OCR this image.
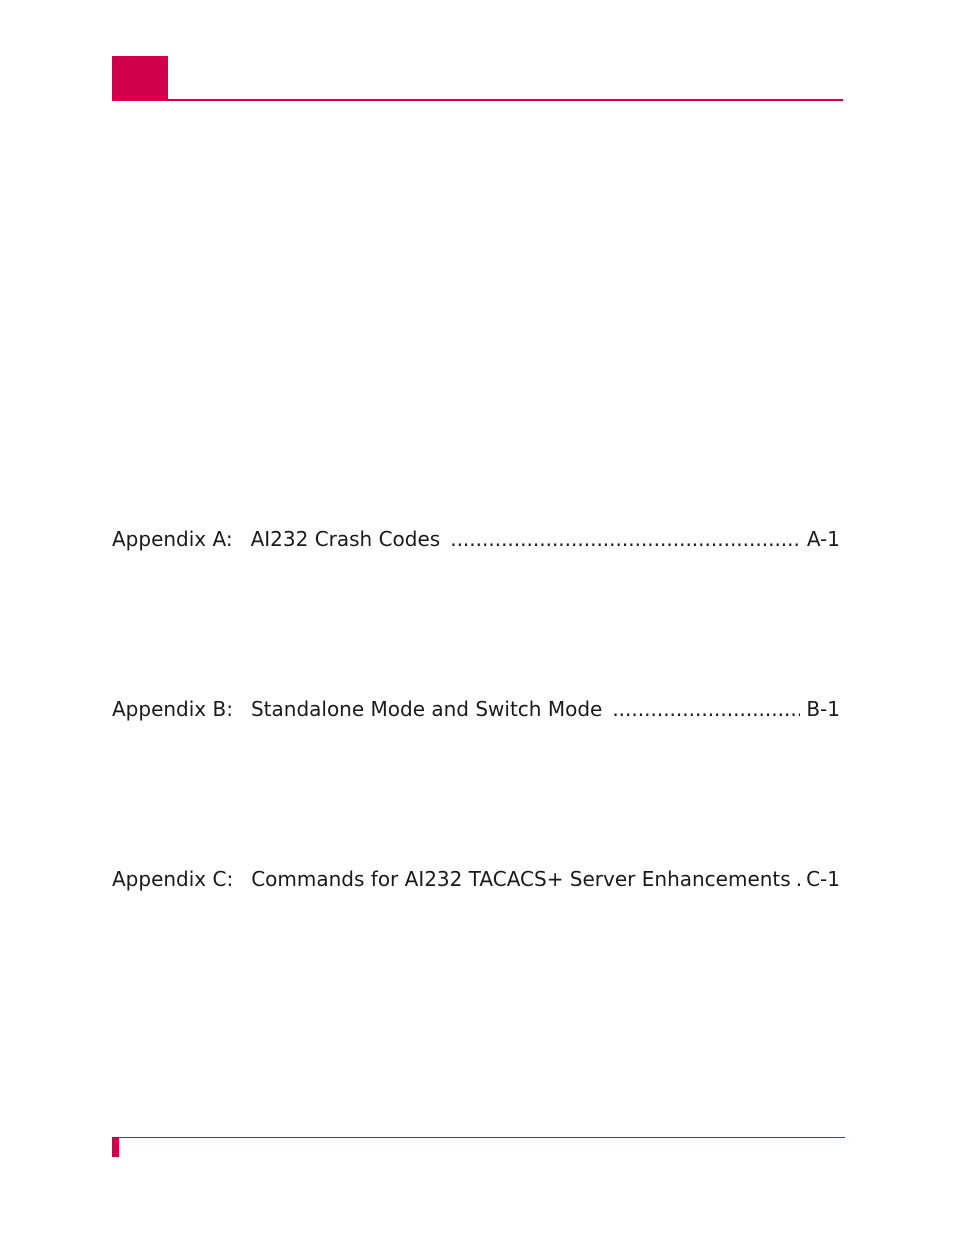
Appendix A: AI232 Crash Codes .....	A-1
Appendix B: Standalone Mode and Switch Mode .....	B-1
Appendix C: Commands for AI232 TACACS+ Server Enhancements ..... C-1
